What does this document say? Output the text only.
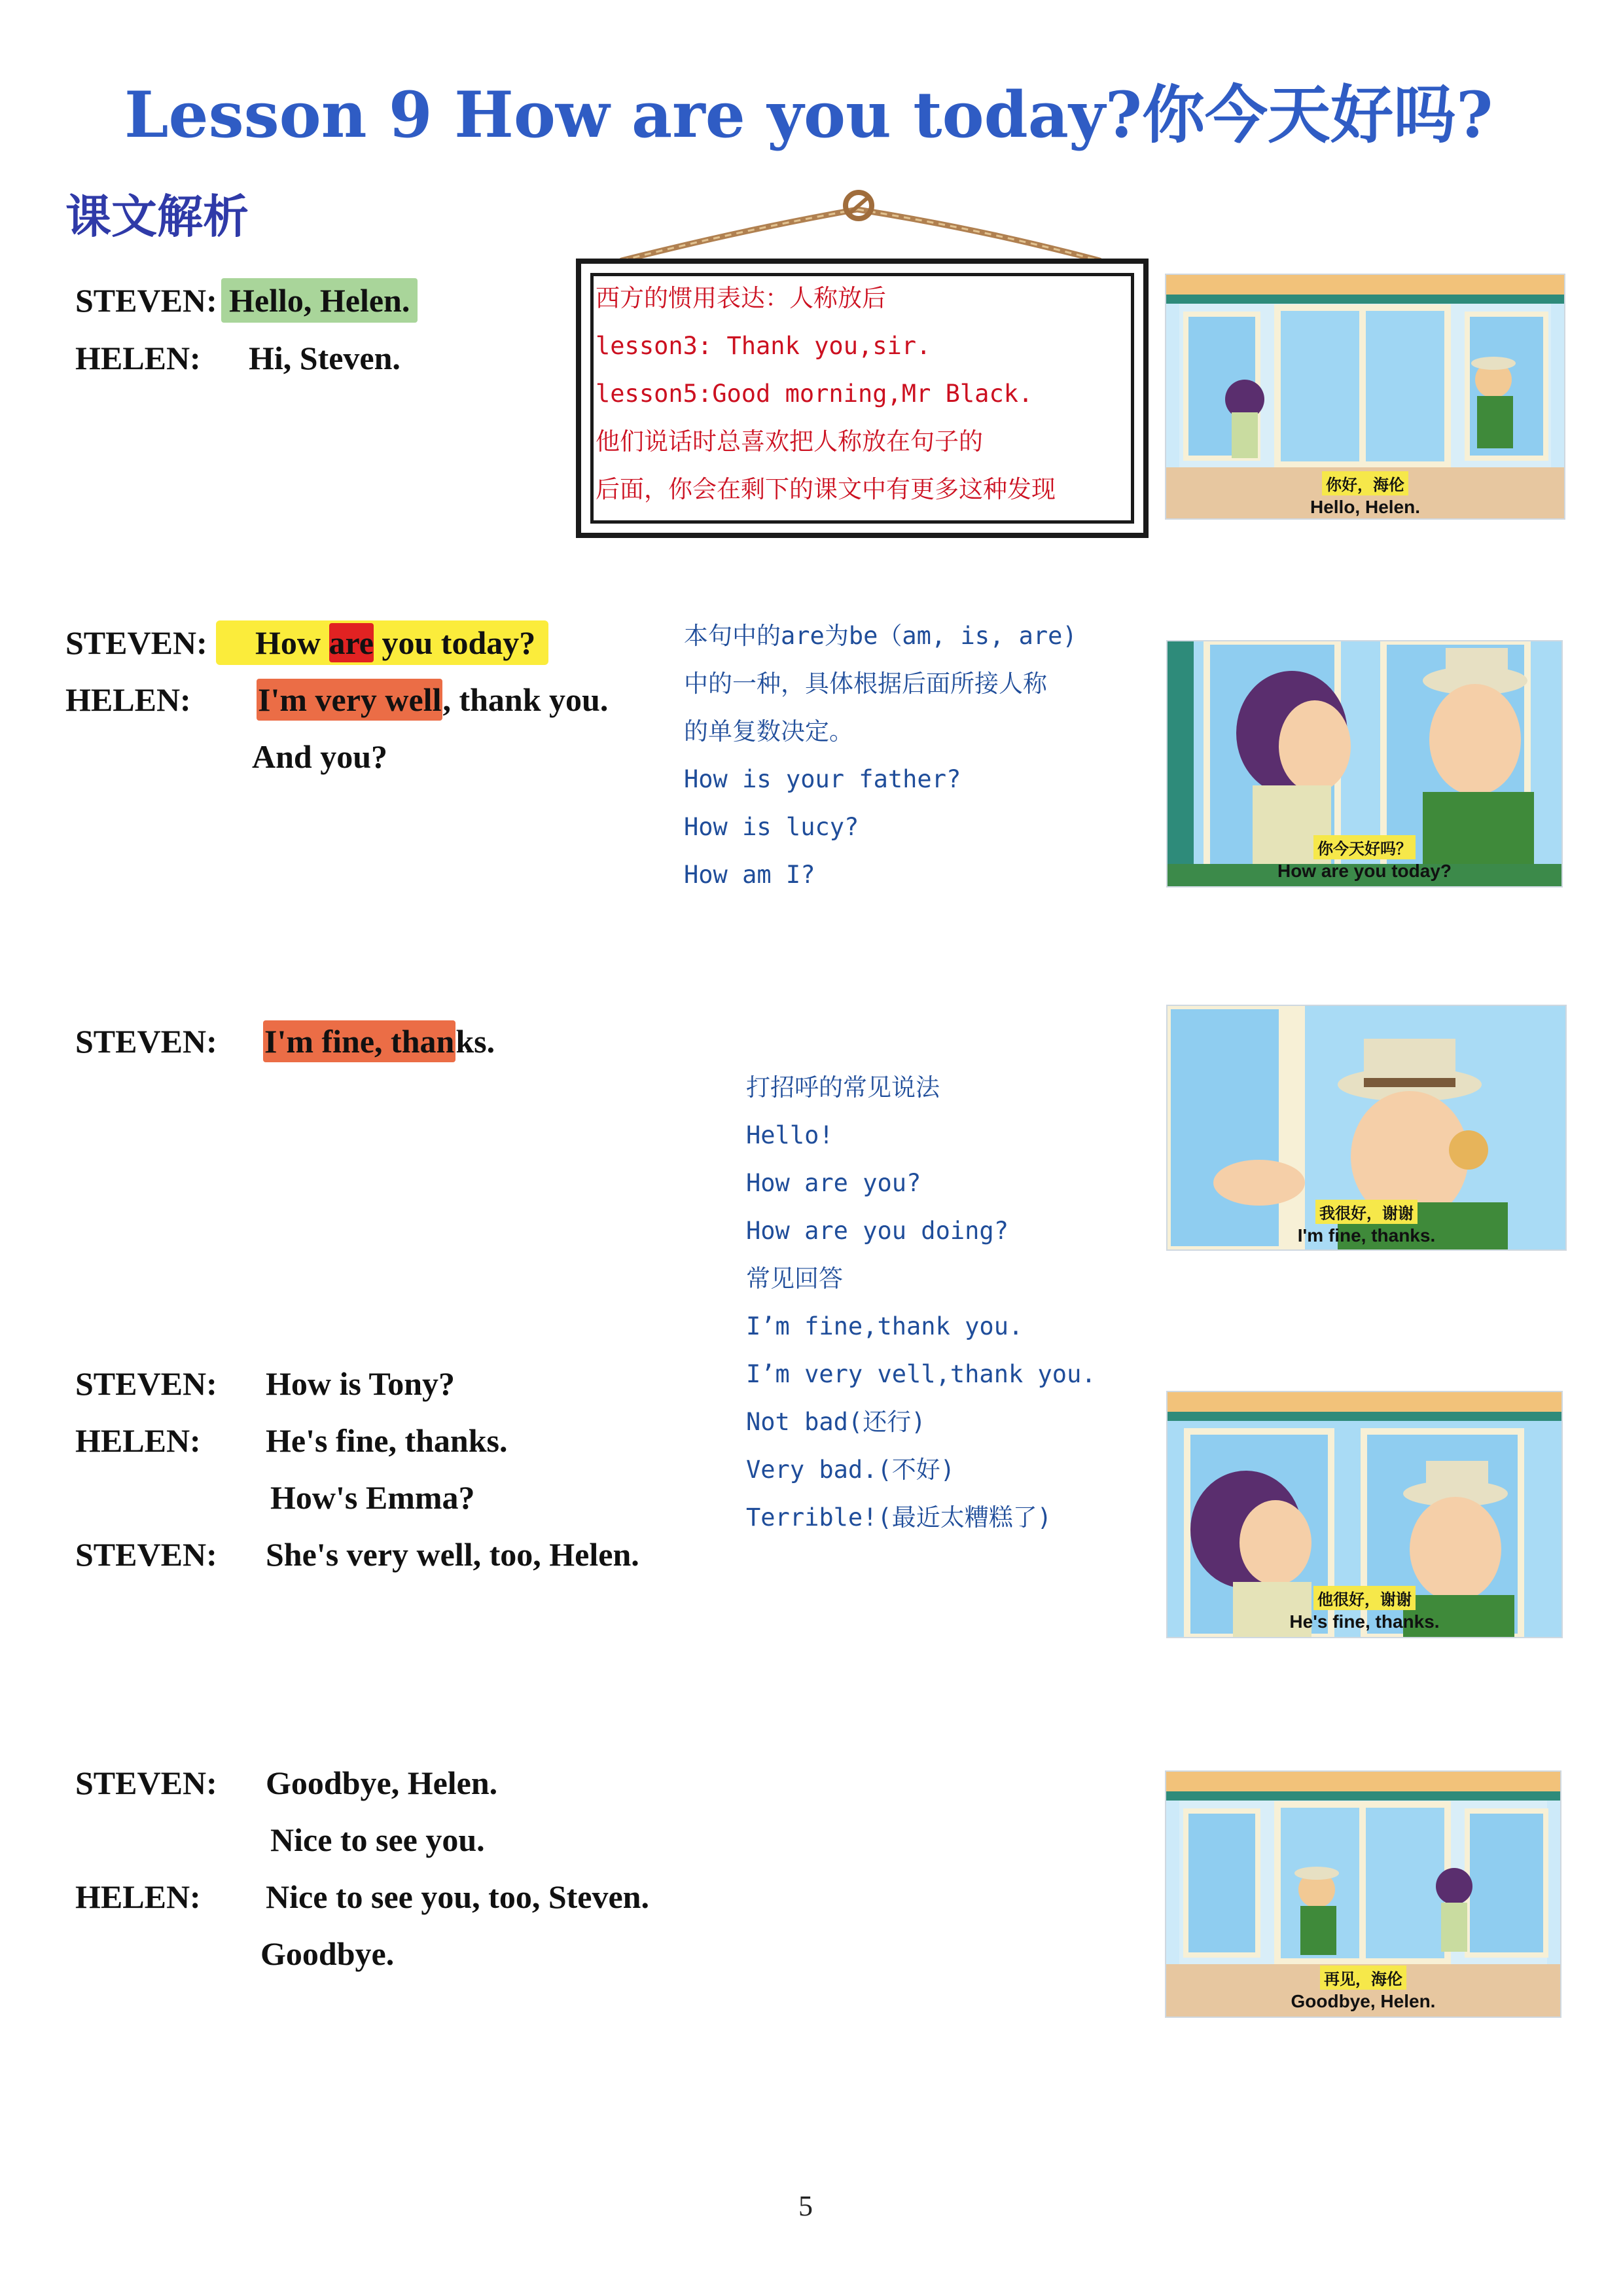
Lesson 9 How are you today?你今天好吗?
课文解析
STEVEN: Hello, Helen.
HELEN: Hi, Steven.
西方的惯用表达：人称放后
lesson3: Thank you,sir.
lesson5:Good morning,Mr Black.
他们说话时总喜欢把人称放在句子的
后面，你会在剩下的课文中有更多这种发现	你好，海伦
Hello, Helen.
STEVEN:	How are you today?
HELEN: I'm very well, thank you.
And you?
本句中的are为be（am, is, are)
中的一种，具体根据后面所接人称
的单复数决定。
How is your father?
How is lucy?
How am I?
你今天好吗？
How are you today?
STEVEN: I'm fine, thanks.
打招呼的常见说法
Hello!
How are you?
How are you doing?
常见回答
I’m fine,thank you.
I’m very vell,thank you.
Not bad(还行)
Very bad.(不好)
Terrible!(最近太糟糕了)
我很好，谢谢
I'm fine, thanks.
STEVEN: How is Tony?
HELEN: He's fine, thanks.
How's Emma?
STEVEN: She's very well, too, Helen.
他很好，谢谢
He's fine, thanks.
STEVEN: Goodbye, Helen.
Nice to see you.
HELEN: Nice to see you, too, Steven.
Goodbye.
再见，海伦
Goodbye, Helen.
5
